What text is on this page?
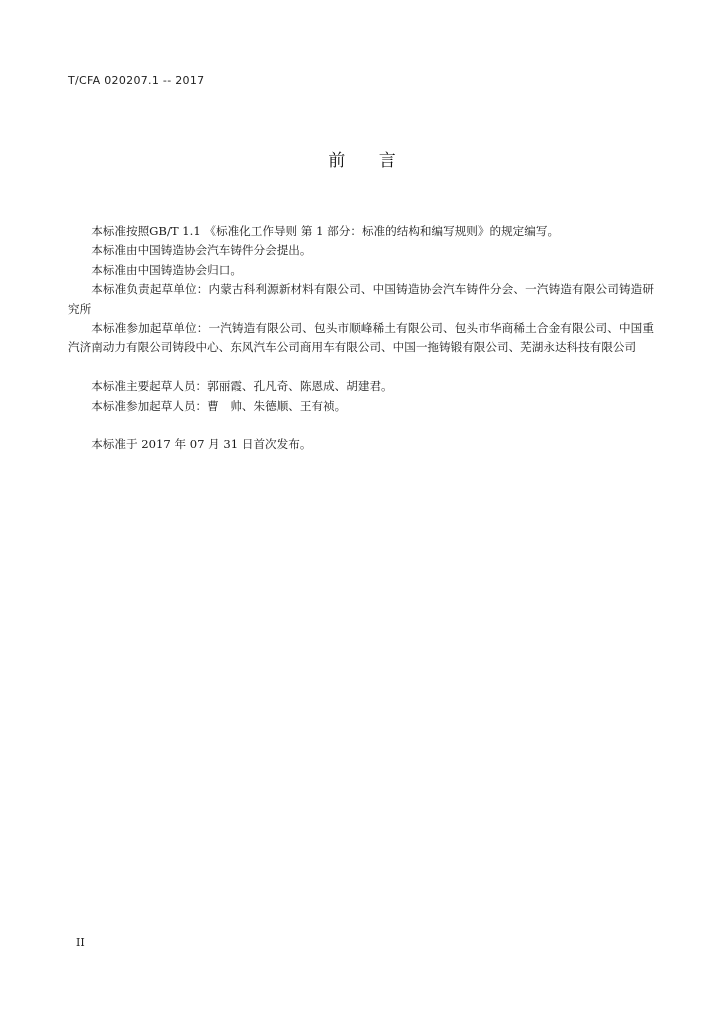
T/CFA 020207.1 -- 2017
前 言

本标准按照GB/T 1.1 《标准化工作导则 第 1 部分：标准的结构和编写规则》的规定编写。

本标准由中国铸造协会汽车铸件分会提出。

本标准由中国铸造协会归口。

本标准负责起草单位：内蒙古科利源新材料有限公司、中国铸造协会汽车铸件分会、一汽铸造有限公司铸造研究所

本标准参加起草单位：一汽铸造有限公司、包头市顺峰稀土有限公司、包头市华商稀土合金有限公司、中国重汽济南动力有限公司铸段中心、东风汽车公司商用车有限公司、中国一拖铸锻有限公司、芜湖永达科技有限公司

本标准主要起草人员：郭丽霞、孔凡奇、陈恩成、胡建君。

本标准参加起草人员：曹　帅、朱德顺、王有祯。

本标准于 2017 年 07 月 31 日首次发布。

II
